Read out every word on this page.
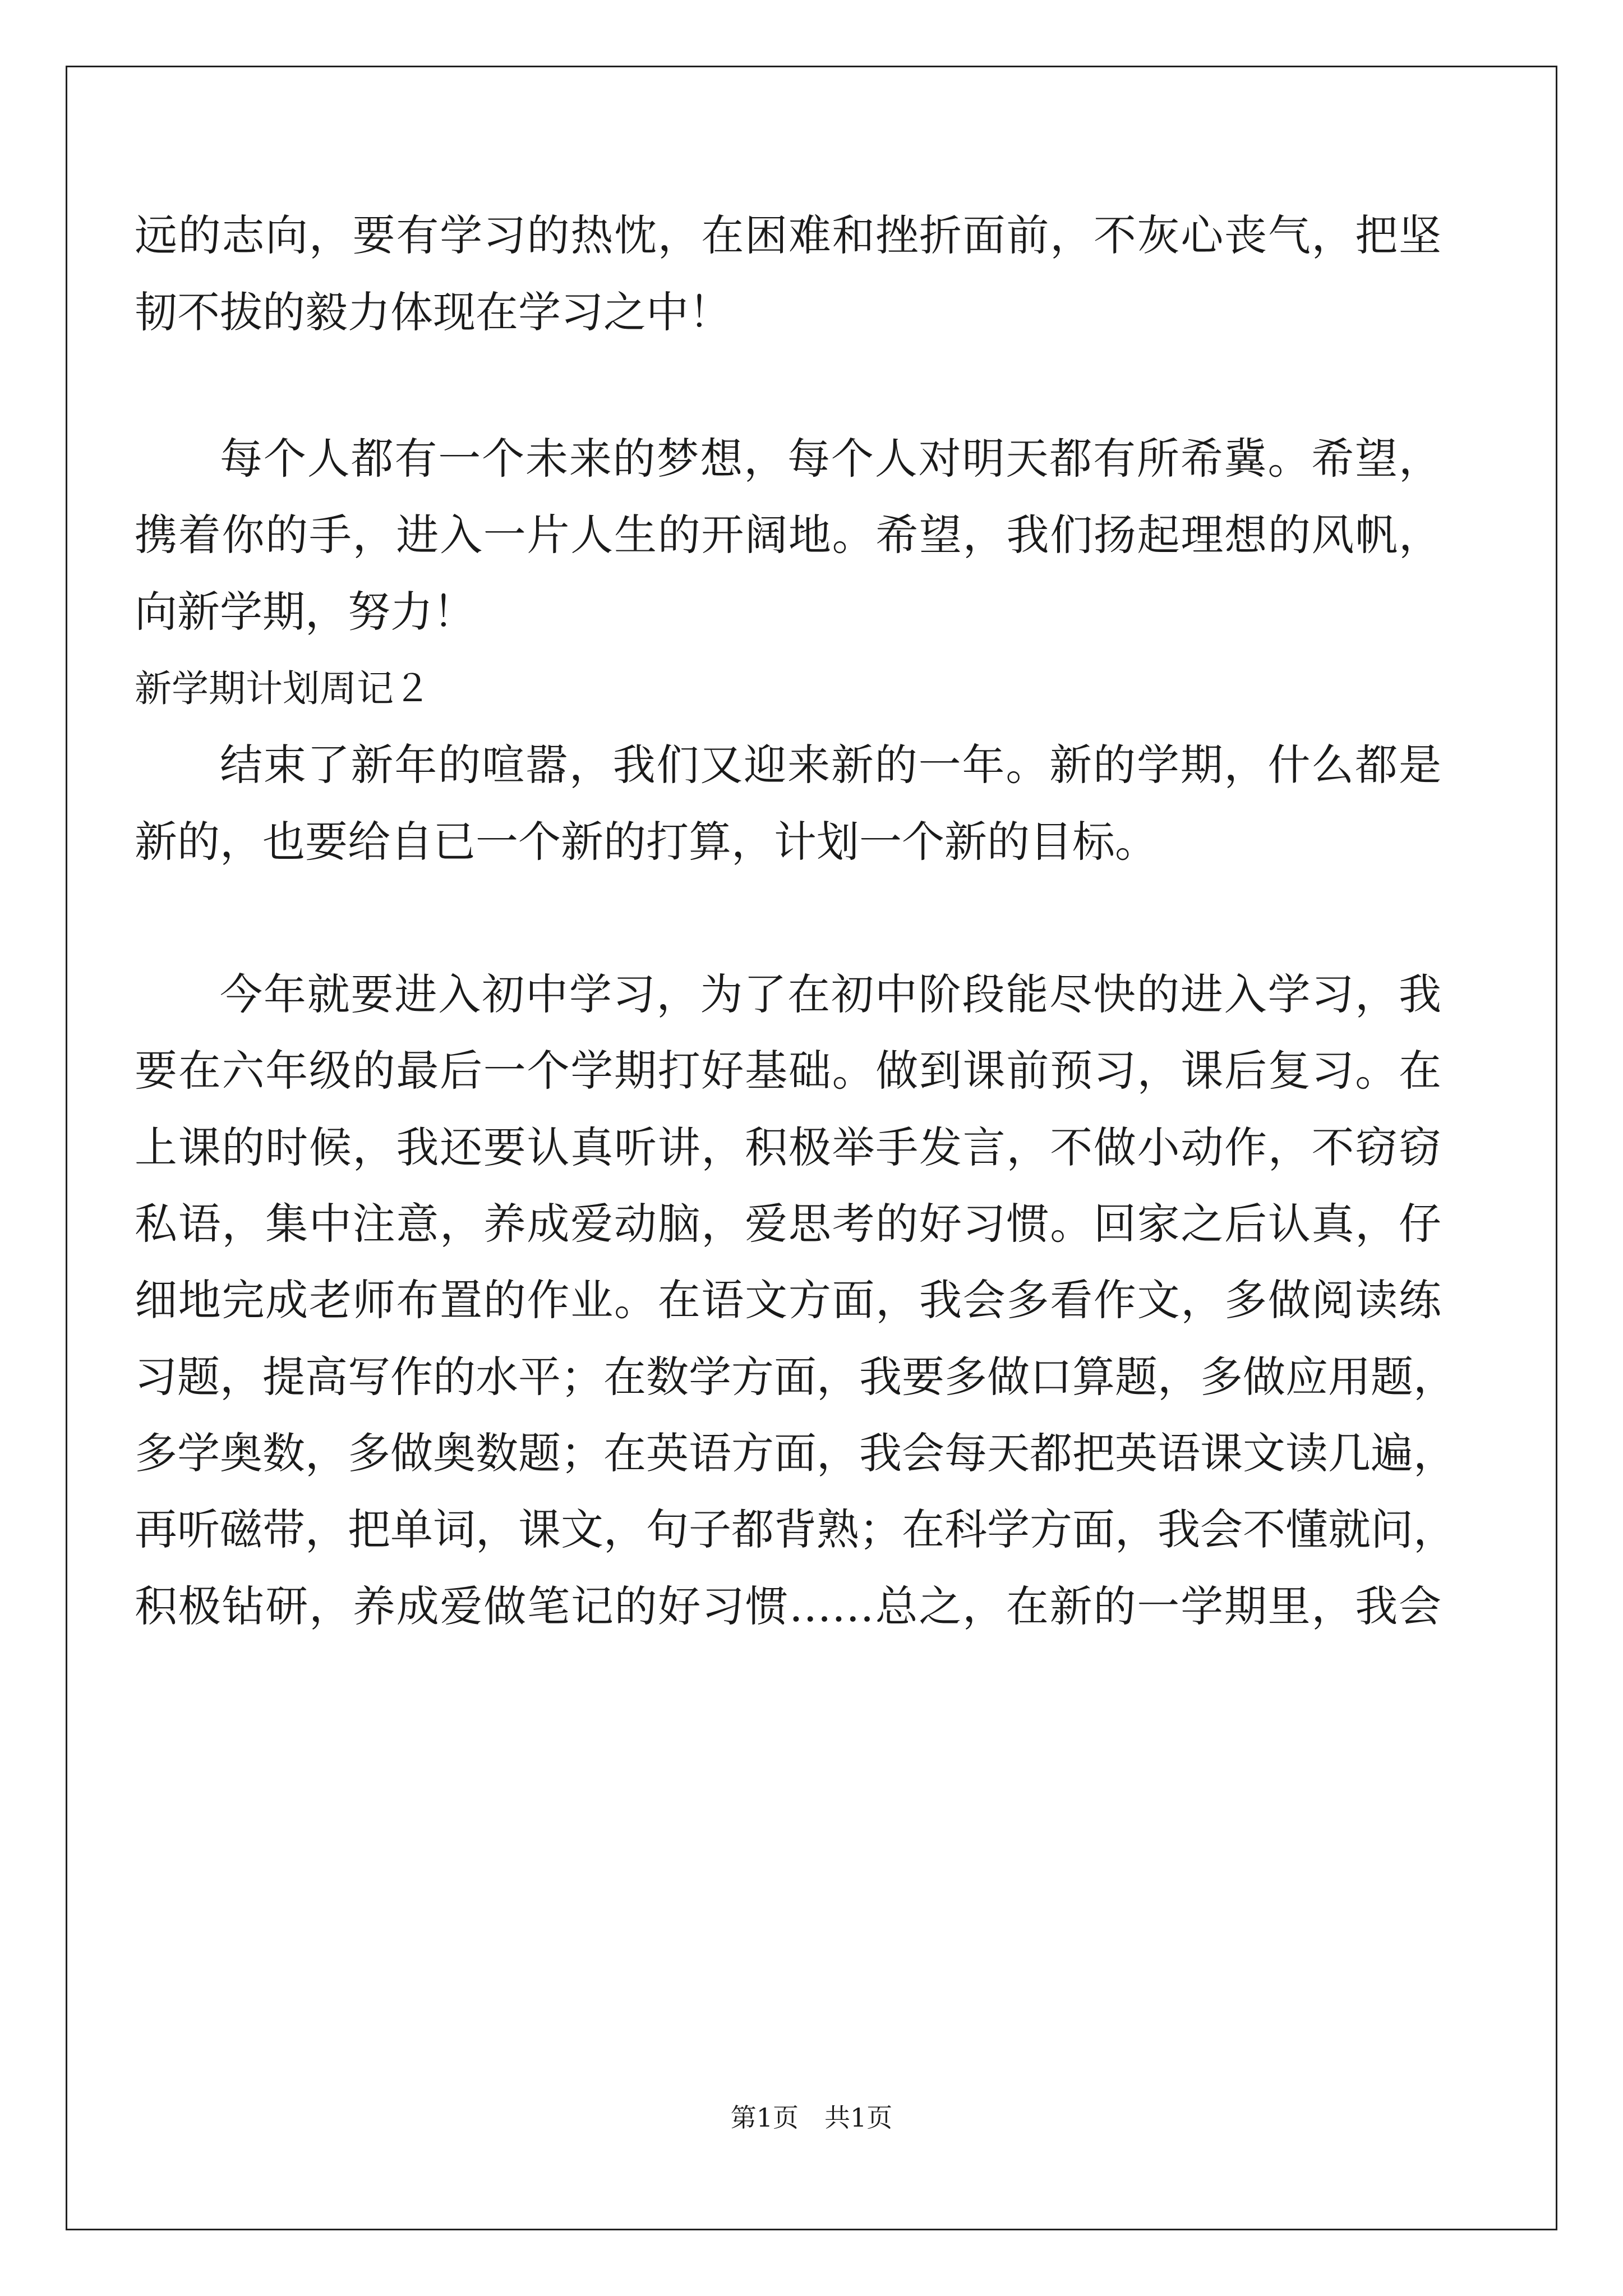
远的志向，要有学习的热忱，在困难和挫折面前，不灰心丧气，把坚
韧不拔的毅力体现在学习之中！
每个人都有一个未来的梦想，每个人对明天都有所希冀。希望，
携着你的手，进入一片人生的开阔地。希望，我们扬起理想的风帆，
向新学期，努力！
新学期计划周记２
结束了新年的喧嚣，我们又迎来新的一年。新的学期，什么都是
新的，也要给自已一个新的打算，计划一个新的目标。
今年就要进入初中学习，为了在初中阶段能尽快的进入学习，我
要在六年级的最后一个学期打好基础。做到课前预习，课后复习。在
上课的时候，我还要认真听讲，积极举手发言，不做小动作，不窃窃
私语，集中注意，养成爱动脑，爱思考的好习惯。回家之后认真，仔
细地完成老师布置的作业。在语文方面，我会多看作文，多做阅读练
习题，提高写作的水平；在数学方面，我要多做口算题，多做应用题，
多学奥数，多做奥数题；在英语方面，我会每天都把英语课文读几遍，
再听磁带，把单词，课文，句子都背熟；在科学方面，我会不懂就问，
积极钻研，养成爱做笔记的好习惯……总之，在新的一学期里，我会
第1页　共1页
